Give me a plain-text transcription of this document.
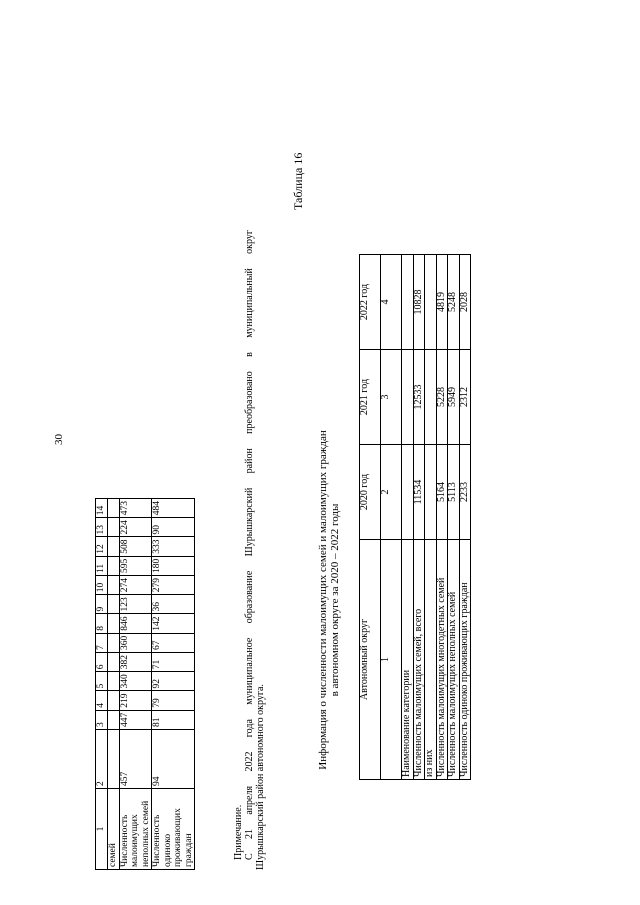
30
1	2	3	4	5	6	7	8	9	10	11	12	13	14
семей													
Численность малоимущих неполных семей	457	447	219	340	382	360	846	123	274	595	508	224	473
Численность одиноко проживающих граждан	94	81	79	92	71	67	142	36	279	180	333	90	484

Примечание. С 21 апреля 2022 года муниципальное образование Шурышкарский район преобразовано в муниципальный округ Шурышкарский район автономного округа.

Таблица 16
Информация о численности малоимущих семей и малоимущих граждан в автономном округе за 2020 – 2022 годы Автономный округ	2020 год	2021 год	2022 год
1	2	3	4
Наименование категории			
Численность малоимущих семей, всего	11534	12533	10828
из них			
Численность малоимущих многодетных семей	5164	5228	4819
Численность малоимущих неполных семей	5113	5949	5248
Численность одиноко проживающих граждан	2233	2312	2028
